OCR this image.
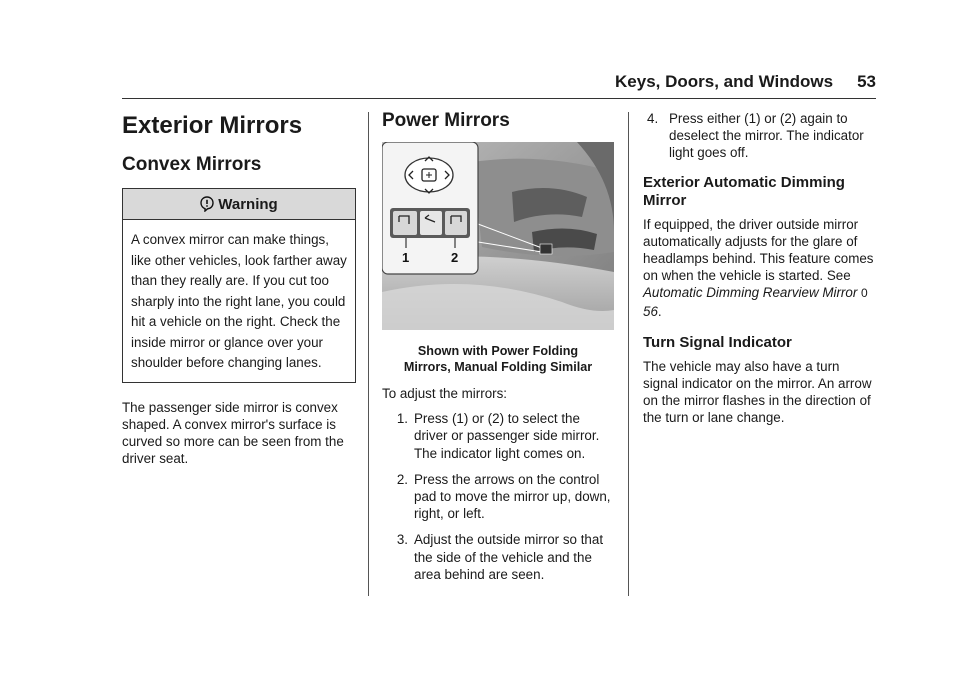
Keys, Doors, and Windows 53
Exterior Mirrors
Convex Mirrors
Warning
A convex mirror can make things, like other vehicles, look farther away than they really are. If you cut too sharply into the right lane, you could hit a vehicle on the right. Check the inside mirror or glance over your shoulder before changing lanes.

The passenger side mirror is convex shaped. A convex mirror's surface is curved so more can be seen from the driver seat.

Power Mirrors
1	2
Shown with Power Folding
Mirrors, Manual Folding Similar

To adjust the mirrors:

1. Press (1) or (2) to select the driver or passenger side mirror. The indicator light comes on.
2. Press the arrows on the control pad to move the mirror up, down, right, or left.
3. Adjust the outside mirror so that the side of the vehicle and the area behind are seen.
4. Press either (1) or (2) again to deselect the mirror. The indicator light goes off.
Exterior Automatic Dimming Mirror

If equipped, the driver outside mirror automatically adjusts for the glare of headlamps behind. This feature comes on when the vehicle is started. See Automatic Dimming Rearview Mirror 0 56.

Turn Signal Indicator

The vehicle may also have a turn signal indicator on the mirror. An arrow on the mirror flashes in the direction of the turn or lane change.
